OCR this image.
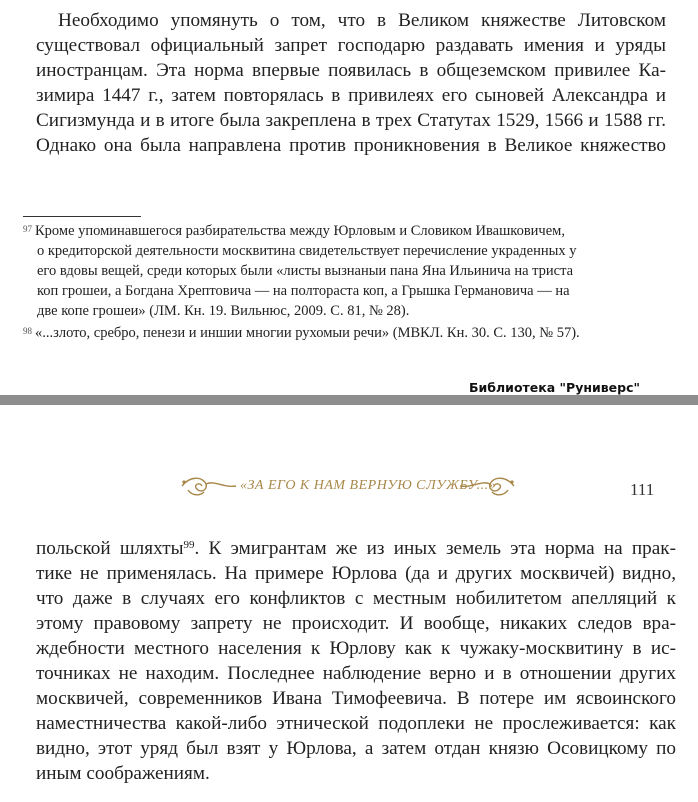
Необходимо упомянуть о том, что в Великом княжестве Литовском
существовал официальный запрет господарю раздавать имения и уряды
иностранцам. Эта норма впервые появилась в общеземском привилее Ка-
зимира 1447 г., затем повторялась в привилеях его сыновей Александра и
Сигизмунда и в итоге была закреплена в трех Статутах 1529, 1566 и 1588 гг.
Однако она была направлена против проникновения в Великое княжество
$^{97}$ Кроме упоминавшегося разбирательства между Юрловым и Словиком Ивашковичем,
о кредиторской деятельности москвитина свидетельствует перечисление украденных у
его вдовы вещей, среди которых были «листы вызнаныи пана Яна Ильинича на триста
коп грошеи, а Богдана Хрептовича — на полтораста коп, а Грышка Германовича — на
две копе грошеи» (ЛМ. Кн. 19. Вильнюс, 2009. С. 81, № 28).
$^{98}$ «...злото, сребро, пенези и иншии многии рухомыи речи» (МВКЛ. Кн. 30. С. 130, № 57).
Библиотека "Руниверс"
«ЗА ЕГО К НАМ ВЕРНУЮ СЛУЖБУ...»	111
польской шляхты$^{99}$. К эмигрантам же из иных земель эта норма на прак-
тике не применялась. На примере Юрлова (да и других москвичей) видно,
что даже в случаях его конфликтов с местным нобилитетом апелляций к
этому правовому запрету не происходит. И вообще, никаких следов вра-
ждебности местного населения к Юрлову как к чужаку-москвитину в ис-
точниках не находим. Последнее наблюдение верно и в отношении других
москвичей, современников Ивана Тимофеевича. В потере им ясвоинского
наместничества какой-либо этнической подоплеки не прослеживается: как
видно, этот уряд был взят у Юрлова, а затем отдан князю Осовицкому по
иным соображениям.
